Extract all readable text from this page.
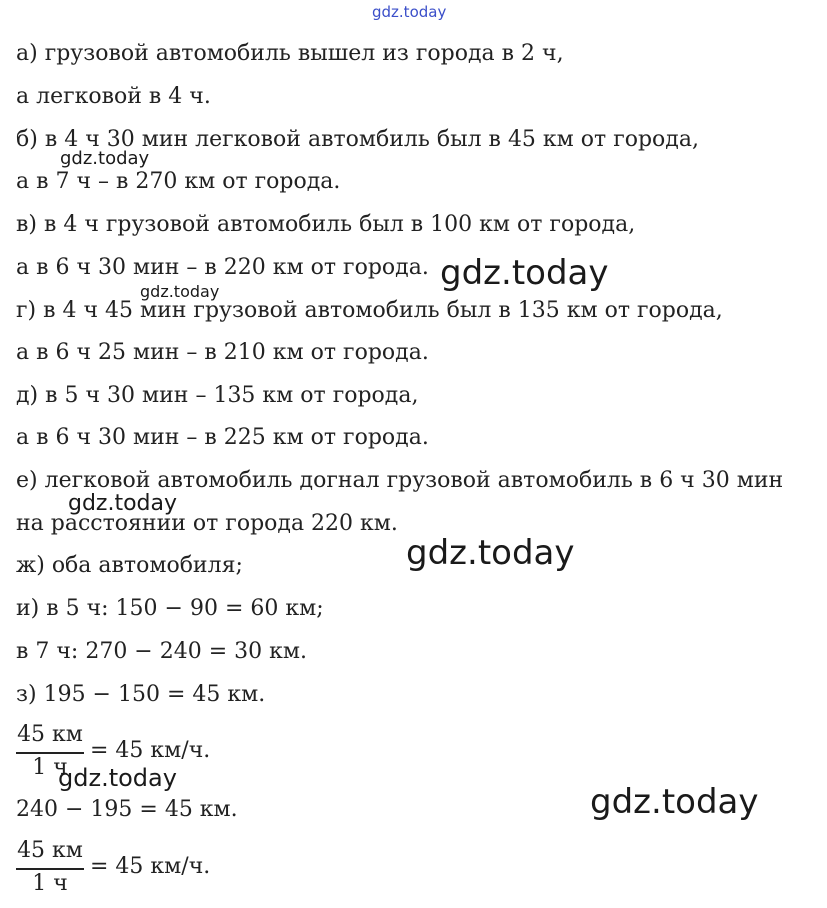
gdz.today
а) грузовой автомобиль вышел из города в 2 ч,
а легковой в 4 ч.
б) в 4 ч 30 мин легковой автомбиль был в 45 км от города,
gdz.today
а в 7 ч – в 270 км от города.
в) в 4 ч грузовой автомобиль был в 100 км от города,
а в 6 ч 30 мин – в 220 км от города. gdz.today
gdz.today
г) в 4 ч 45 мин грузовой автомобиль был в 135 км от города,
а в 6 ч 25 мин – в 210 км от города.
д) в 5 ч 30 мин – 135 км от города,
а в 6 ч 30 мин – в 225 км от города.
е) легковой автомобиль догнал грузовой автомобиль в 6 ч 30 мин
gdz.today
на расстоянии от города 220 км.
gdz.today
ж) оба автомобиля;
и) в 5 ч: 150 − 90 = 60 км;
в 7 ч: 270 − 240 = 30 км.
з) 195 − 150 = 45 км.
45 км
1 ч
= 45 км/ч.
gdz.today
gdz.today
240 − 195 = 45 км.
45 км
1 ч
= 45 км/ч.
